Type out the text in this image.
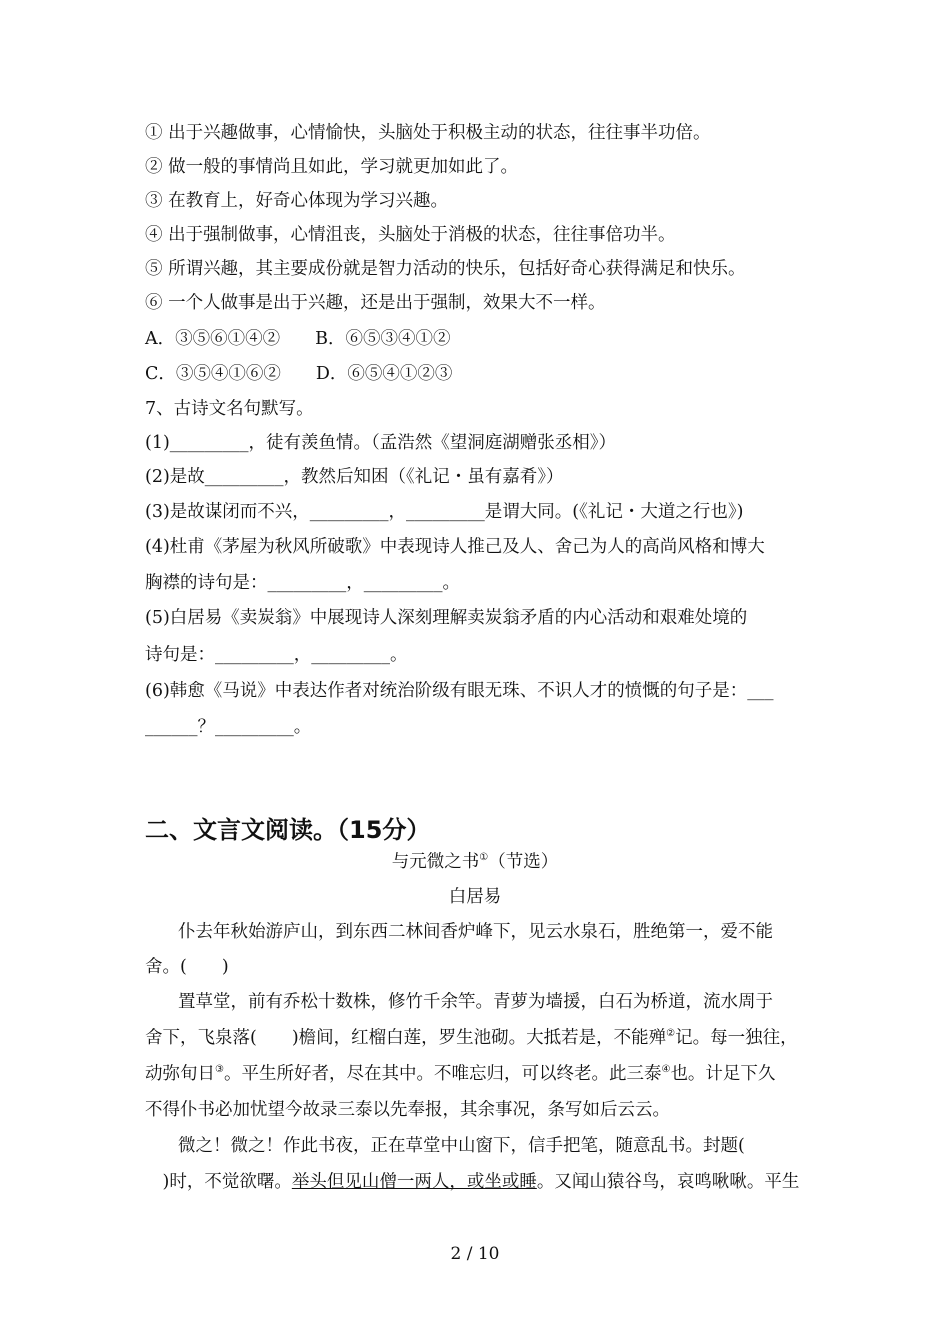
① 出于兴趣做事，心情愉快，头脑处于积极主动的状态，往往事半功倍。
② 做一般的事情尚且如此，学习就更加如此了。
③ 在教育上，好奇心体现为学习兴趣。
④ 出于强制做事，心情沮丧，头脑处于消极的状态，往往事倍功半。
⑤ 所谓兴趣，其主要成份就是智力活动的快乐，包括好奇心获得满足和快乐。
⑥ 一个人做事是出于兴趣，还是出于强制，效果大不一样。
A．③⑤⑥①④②　　B．⑥⑤③④①②
C．③⑤④①⑥②　　D．⑥⑤④①②③
7、古诗文名句默写。
(1)_________，徒有羡鱼情。（孟浩然《望洞庭湖赠张丞相》）
(2)是故_________，教然后知困（《礼记・虽有嘉肴》）
(3)是故谋闭而不兴，_________，_________是谓大同。(《礼记・大道之行也》)
(4)杜甫《茅屋为秋风所破歌》中表现诗人推己及人、舍己为人的高尚风格和博大
胸襟的诗句是：_________，_________。
(5)白居易《卖炭翁》中展现诗人深刻理解卖炭翁矛盾的内心活动和艰难处境的
诗句是：_________，_________。
(6)韩愈《马说》中表达作者对统治阶级有眼无珠、不识人才的愤慨的句子是：___
______？_________。
二、文言文阅读。（15分）
与元微之书①（节选）
白居易
仆去年秋始游庐山，到东西二林间香炉峰下，见云水泉石，胜绝第一，爱不能
舍。(　　)
置草堂，前有乔松十数株，修竹千余竿。青萝为墙援，白石为桥道，流水周于
舍下，飞泉落(　　)檐间，红榴白莲，罗生池砌。大抵若是，不能殚②记。每一独往，
动弥旬日③。平生所好者，尽在其中。不唯忘归，可以终老。此三泰④也。计足下久
不得仆书必加忧望今故录三泰以先奉报，其余事况，条写如后云云。
微之！微之！作此书夜，正在草堂中山窗下，信手把笔，随意乱书。封题(
　)时，不觉欲曙。举头但见山僧一两人，或坐或睡。又闻山猿谷鸟，哀鸣啾啾。平生
2 / 10
